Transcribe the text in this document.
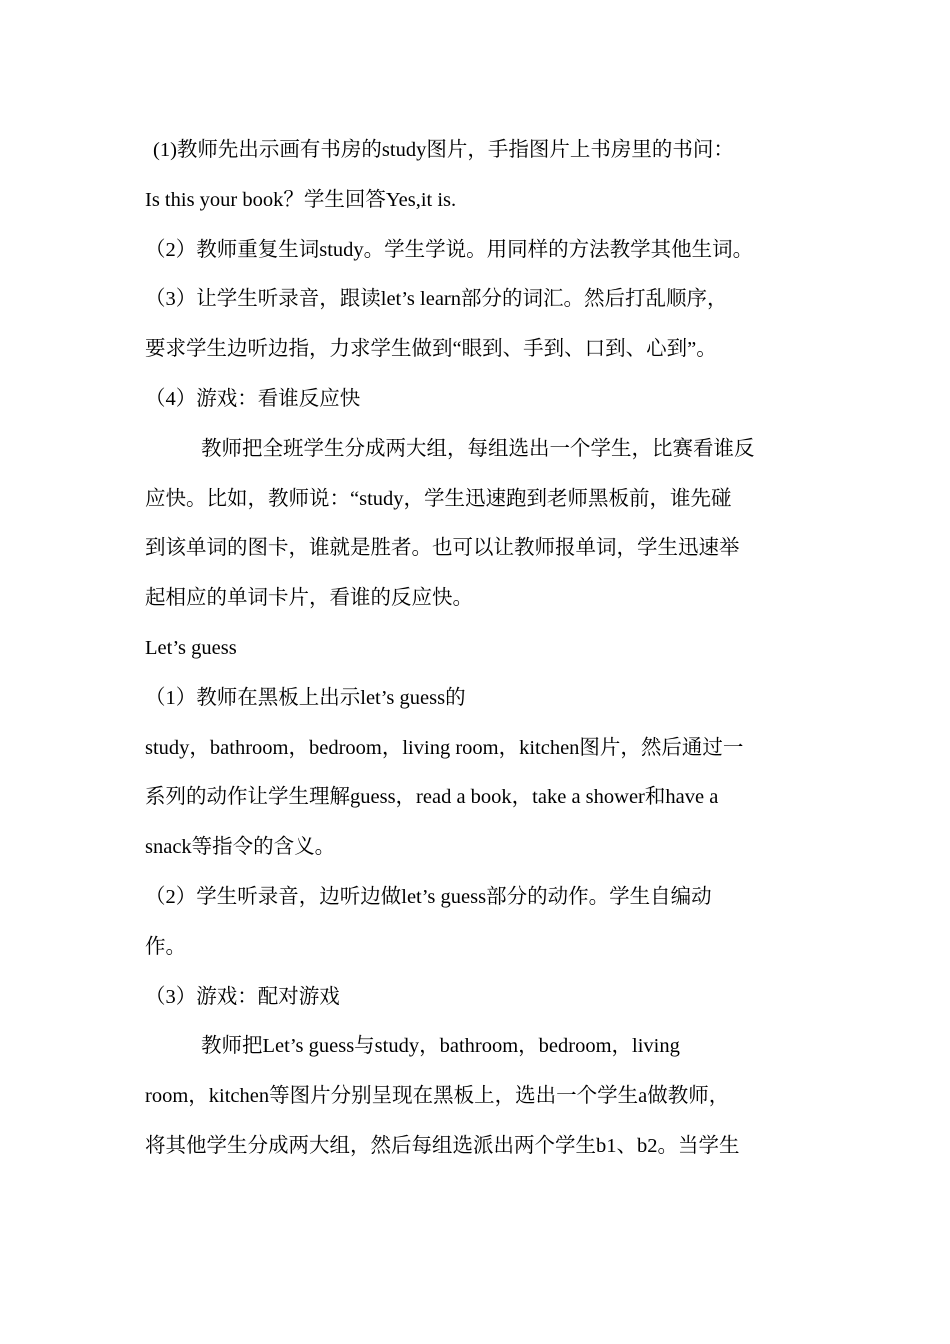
(1)教师先出示画有书房的study图片，手指图片上书房里的书问：
Is this your book？学生回答Yes,it is.
（2）教师重复生词study。学生学说。用同样的方法教学其他生词。
（3）让学生听录音，跟读let’s learn部分的词汇。然后打乱顺序，
要求学生边听边指，力求学生做到“眼到、手到、口到、心到”。
（4）游戏：看谁反应快
教师把全班学生分成两大组，每组选出一个学生，比赛看谁反
应快。比如，教师说：“study，学生迅速跑到老师黑板前，谁先碰
到该单词的图卡，谁就是胜者。也可以让教师报单词，学生迅速举
起相应的单词卡片，看谁的反应快。
Let’s guess
（1）教师在黑板上出示let’s guess的
study，bathroom，bedroom，living room，kitchen图片，然后通过一
系列的动作让学生理解guess，read a book，take a shower和have a
snack等指令的含义。
（2）学生听录音，边听边做let’s guess部分的动作。学生自编动
作。
（3）游戏：配对游戏
教师把Let’s guess与study，bathroom，bedroom，living
room，kitchen等图片分别呈现在黑板上，选出一个学生a做教师，
将其他学生分成两大组，然后每组选派出两个学生b1、b2。当学生
